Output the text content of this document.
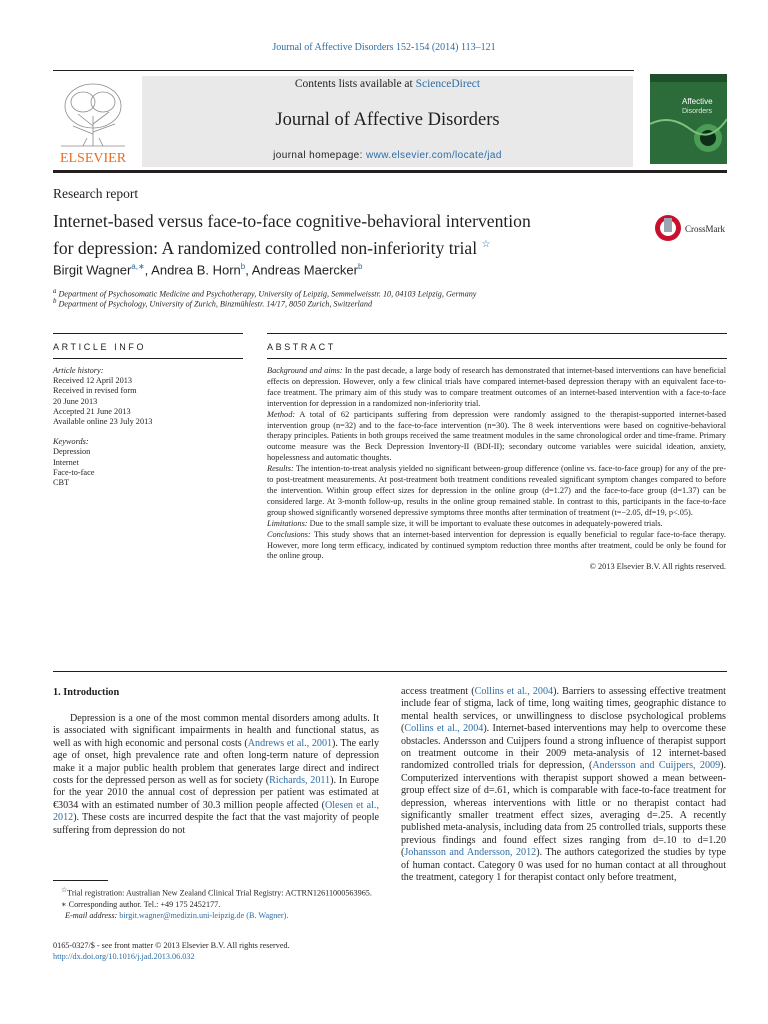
Journal of Affective Disorders 152-154 (2014) 113–121
ELSEVIER
Contents lists available at ScienceDirect
Journal of Affective Disorders
journal homepage: www.elsevier.com/locate/jad
Affective
Disorders
Research report
Internet-based versus face-to-face cognitive-behavioral intervention
for depression: A randomized controlled non-inferiority trial ☆
CrossMark
Birgit Wagner$^{a,∗}$, Andrea B. Horn$^b$, Andreas Maercker$^b$
$^a$ Department of Psychosomatic Medicine and Psychotherapy, University of Leipzig, Semmelweisstr. 10, 04103 Leipzig, Germany
$^b$ Department of Psychology, University of Zurich, Binzmühlestr. 14/17, 8050 Zurich, Switzerland
ARTICLE INFO	ABSTRACT
Article history:
Received 12 April 2013
Received in revised form
20 June 2013
Accepted 21 June 2013
Available online 23 July 2013
Keywords:
Depression
Internet
Face-to-face
CBT

Background and aims: In the past decade, a large body of research has demonstrated that internet-based interventions can have beneficial effects on depression. However, only a few clinical trials have compared internet-based depression therapy with an equivalent face-to-face treatment. The primary aim of this study was to compare treatment outcomes of an internet-based intervention with a face-to-face intervention for depression in a randomized non-inferiority trial.

Method: A total of 62 participants suffering from depression were randomly assigned to the therapist-supported internet-based intervention group (n=32) and to the face-to-face intervention (n=30). The 8 week interventions were based on cognitive-behavioral therapy principles. Patients in both groups received the same treatment modules in the same chronological order and time-frame. Primary outcome measure was the Beck Depression Inventory-II (BDI-II); secondary outcome variables were suicidal ideation, anxiety, hopelessness and automatic thoughts.

Results: The intention-to-treat analysis yielded no significant between-group difference (online vs. face-to-face group) for any of the pre- to post-treatment measurements. At post-treatment both treatment conditions revealed significant symptom changes compared to before the intervention. Within group effect sizes for depression in the online group (d=1.27) and the face-to-face group (d=1.37) can be considered large. At 3-month follow-up, results in the online group remained stable. In contrast to this, participants in the face-to-face group showed significantly worsened depressive symptoms three months after termination of treatment (t=−2.05, df=19, p<.05).

Limitations: Due to the small sample size, it will be important to evaluate these outcomes in adequately-powered trials.

Conclusions: This study shows that an internet-based intervention for depression is equally beneficial to regular face-to-face therapy. However, more long term efficacy, indicated by continued symptom reduction three months after treatment, could be only be found for the online group.

© 2013 Elsevier B.V. All rights reserved.

1. Introduction

Depression is a one of the most common mental disorders among adults. It is associated with significant impairments in health and functional status, as well as with high economic and personal costs (Andrews et al., 2001). The early age of onset, high prevalence rate and often long-term nature of depression make it a major public health problem that generates large direct and indirect costs for the depressed person as well as for society (Richards, 2011). In Europe for the year 2010 the annual cost of depression per patient was estimated at €3034 with an estimated number of 30.3 million people affected (Olesen et al., 2012). These costs are incurred despite the fact that the vast majority of people suffering from depression do not

access treatment (Collins et al., 2004). Barriers to assessing effective treatment include fear of stigma, lack of time, long waiting times, geographic distance to mental health services, or unwillingness to disclose psychological problems (Collins et al., 2004). Internet-based interventions may help to overcome these obstacles. Andersson and Cuijpers found a strong influence of therapist support on treatment outcome in their 2009 meta-analysis of 12 internet-based randomized controlled trials for depression, (Andersson and Cuijpers, 2009). Computerized interventions with therapist support showed a mean between-group effect size of d=.61, which is comparable with face-to-face treatment for depression, whereas interventions with little or no therapist contact had significantly smaller treatment effect sizes, averaging d=.25. A recently published meta-analysis, including data from 25 controlled trials, supports these previous findings and found effect sizes ranging from d=.10 to d=1.20 (Johansson and Andersson, 2012). The authors categorized the studies by type of human contact. Category 0 was used for no human contact at all throughout the treatment, category 1 for therapist contact only before treatment,

☆Trial registration: Australian New Zealand Clinical Trial Registry: ACTRN12611000563965.
∗ Corresponding author. Tel.: +49 175 2452177.
E-mail address: birgit.wagner@medizin.uni-leipzig.de (B. Wagner).
0165-0327/$ - see front matter © 2013 Elsevier B.V. All rights reserved.
http://dx.doi.org/10.1016/j.jad.2013.06.032
